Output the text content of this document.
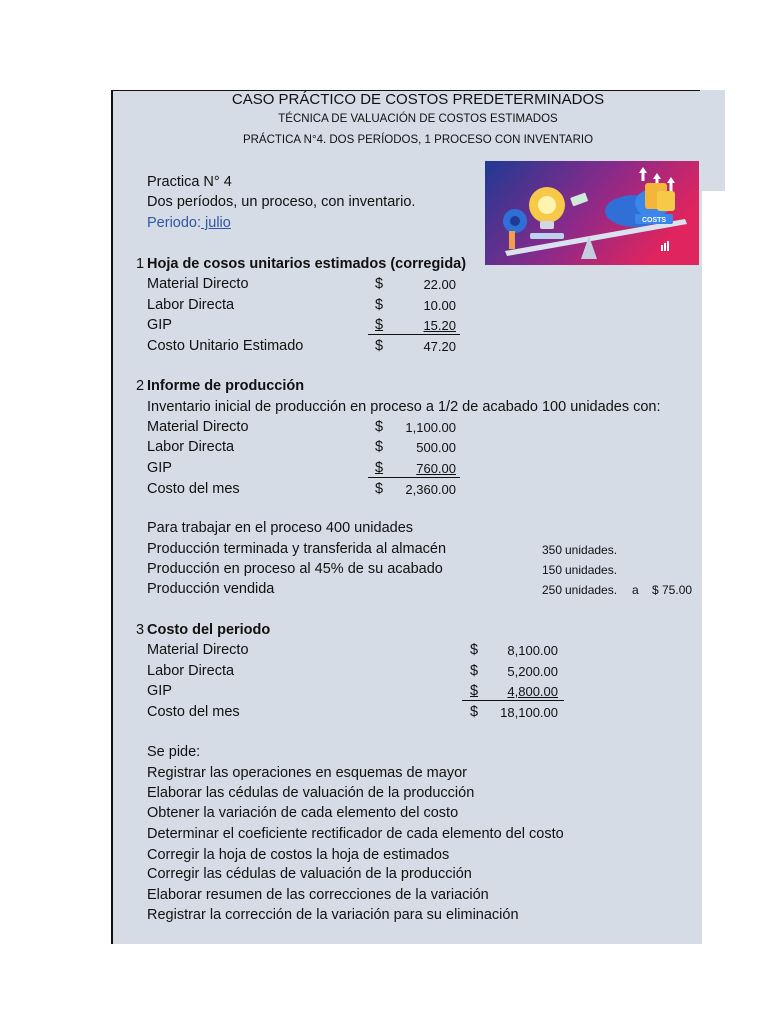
CASO PRÁCTICO DE COSTOS PREDETERMINADOS
TÉCNICA DE VALUACIÓN DE COSTOS ESTIMADOS
PRÁCTICA N°4. DOS PERÍODOS, 1 PROCESO CON INVENTARIO
Practica N° 4
Dos períodos, un proceso, con inventario.
Periodo: julio	COSTS
1 Hoja de cosos unitarios estimados (corregida)
Material Directo	$	22.00
Labor Directa	$	10.00
GIP	$	15.20
Costo Unitario Estimado	$	47.20
2 Informe de producción
Inventario inicial de producción en proceso a 1/2 de acabado 100 unidades con:
Material Directo	$	1,100.00
Labor Directa	$	500.00
GIP	$	760.00
Costo del mes	$	2,360.00
Para trabajar en el proceso 400 unidades
Producción terminada y transferida al almacén	350 unidades.
Producción en proceso al 45% de su acabado	150 unidades.
Producción vendida	250 unidades. a $ 75.00
3 Costo del periodo
Material Directo	$	8,100.00
Labor Directa	$	5,200.00
GIP	$	4,800.00
Costo del mes	$	18,100.00
Se pide:
Registrar las operaciones en esquemas de mayor
Elaborar las cédulas de valuación de la producción
Obtener la variación de cada elemento del costo
Determinar el coeficiente rectificador de cada elemento del costo
Corregir la hoja de costos la hoja de estimados
Corregir las cédulas de valuación de la producción
Elaborar resumen de las correcciones de la variación
Registrar la corrección de la variación para su eliminación
